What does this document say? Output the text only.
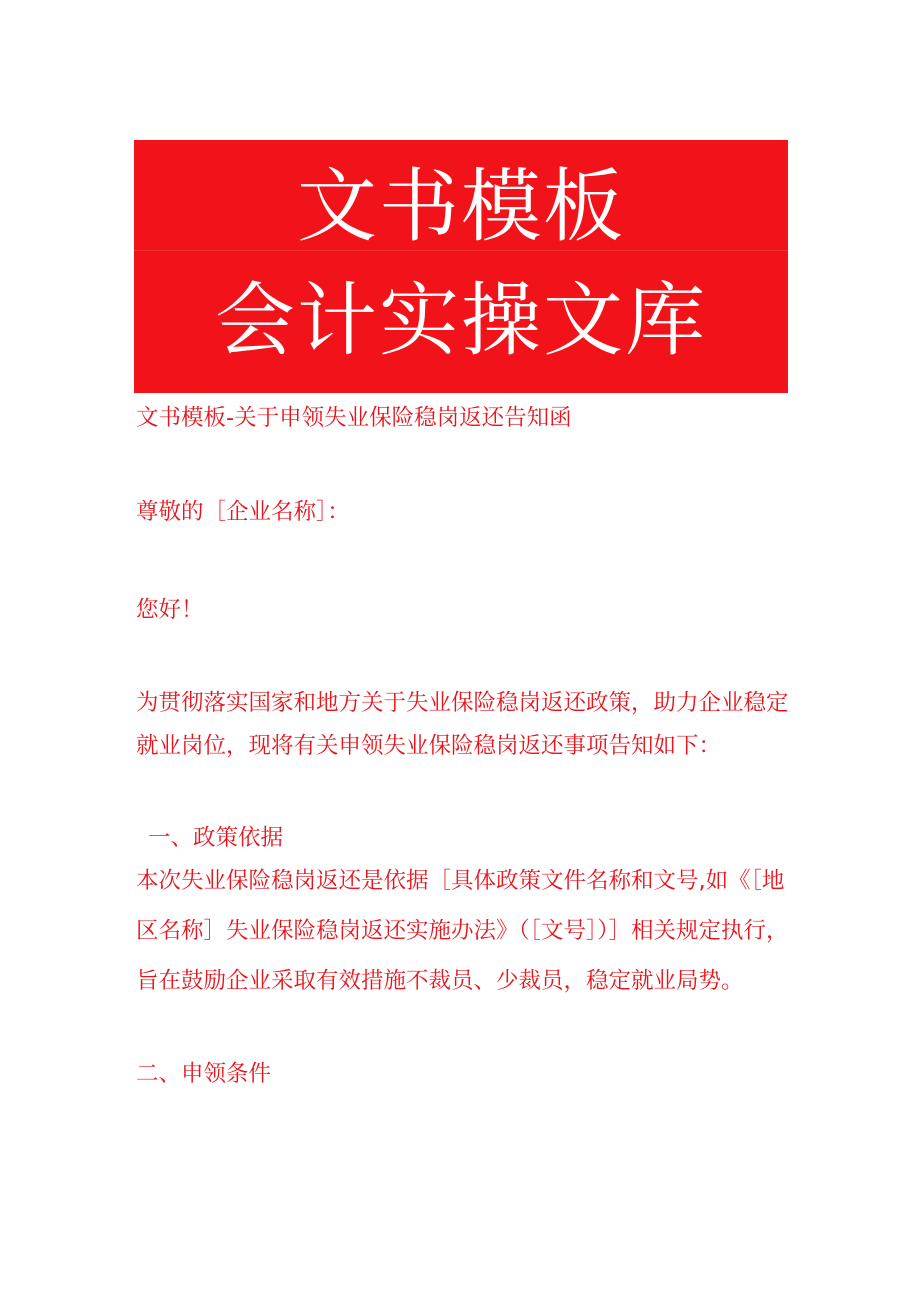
文书模板
会计实操文库

文书模板-关于申领失业保险稳岗返还告知函

尊敬的［企业名称］：

您好！

为贯彻落实国家和地方关于失业保险稳岗返还政策，助力企业稳定就业岗位，现将有关申领失业保险稳岗返还事项告知如下：

一、政策依据

本次失业保险稳岗返还是依据［具体政策文件名称和文号,如《［地区名称］失业保险稳岗返还实施办法》（［文号］）］相关规定执行，旨在鼓励企业采取有效措施不裁员、少裁员，稳定就业局势。

二、申领条件
